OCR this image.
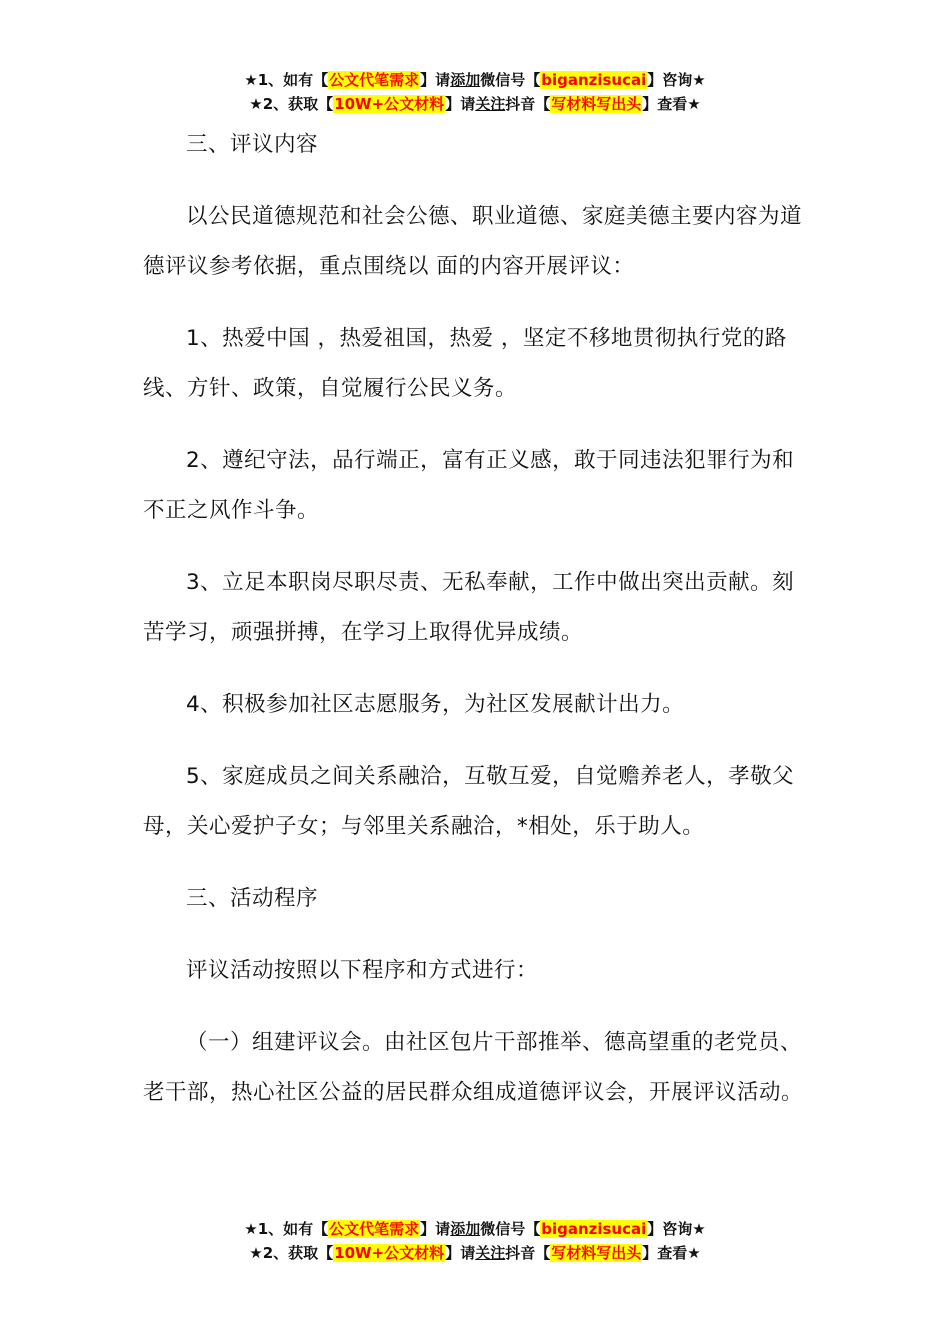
★1、如有【公文代笔需求】请添加微信号【biganzisucai】咨询★
★2、获取【10W+公文材料】请关注抖音【写材料写出头】查看★

三、评议内容

以公民道德规范和社会公德、职业道德、家庭美德主要内容为道德评议参考依据，重点围绕以 面的内容开展评议：

1、热爱中国 ，热爱祖国，热爱 ，坚定不移地贯彻执行党的路线、方针、政策，自觉履行公民义务。

2、遵纪守法，品行端正，富有正义感，敢于同违法犯罪行为和不正之风作斗争。

3、立足本职岗尽职尽责、无私奉献，工作中做出突出贡献。刻苦学习，顽强拼搏，在学习上取得优异成绩。

4、积极参加社区志愿服务，为社区发展献计出力。

5、家庭成员之间关系融洽，互敬互爱，自觉赡养老人，孝敬父母，关心爱护子女；与邻里关系融洽，*相处，乐于助人。

三、活动程序

评议活动按照以下程序和方式进行：

（一）组建评议会。由社区包片干部推举、德高望重的老党员、老干部，热心社区公益的居民群众组成道德评议会，开展评议活动。

★1、如有【公文代笔需求】请添加微信号【biganzisucai】咨询★
★2、获取【10W+公文材料】请关注抖音【写材料写出头】查看★
